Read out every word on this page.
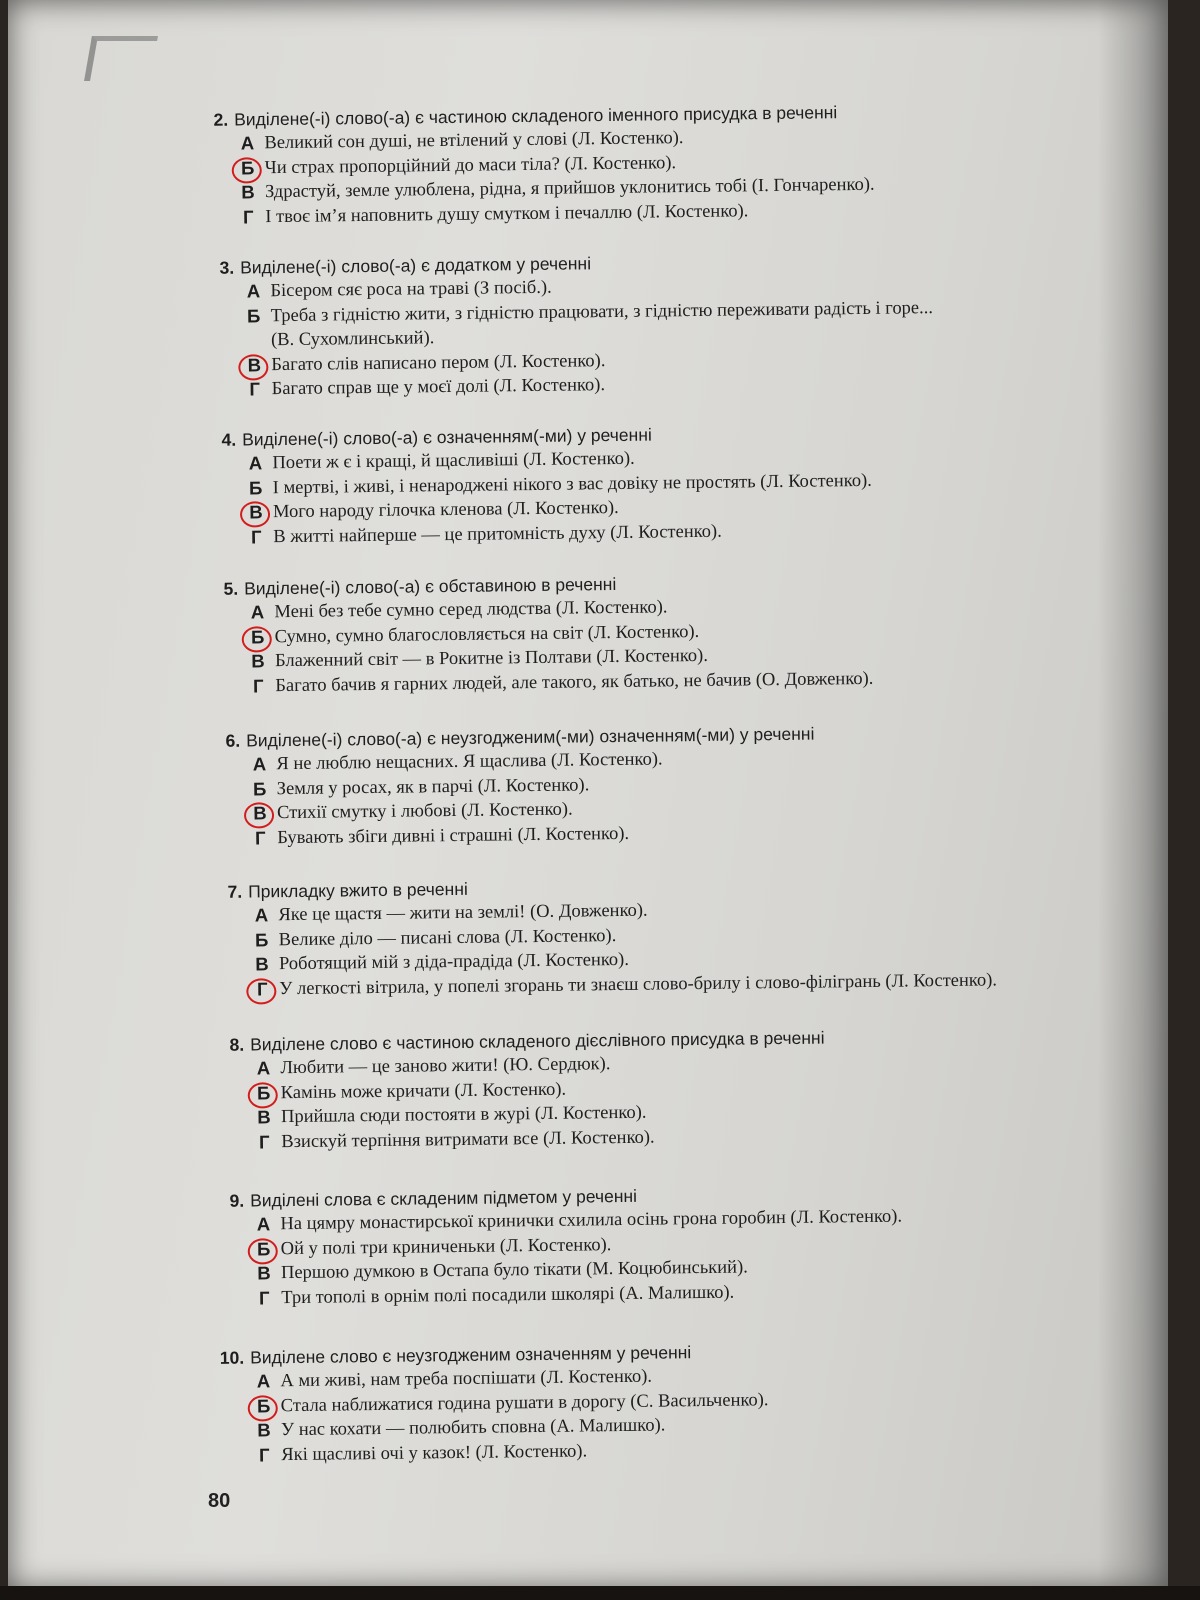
2. Виділене(-і) слово(-а) є частиною складеного іменного присудка в реченні
А Великий сон душі, не втілений у слові (Л. Костенко).
Б Чи страх пропорційний до маси тіла? (Л. Костенко).
В Здрастуй, земле улюблена, рідна, я прийшов уклонитись тобі (І. Гончаренко).
Г І твоє ім’я наповнить душу смутком і печаллю (Л. Костенко).
3. Виділене(-і) слово(-а) є додатком у реченні
А Бісером сяє роса на траві (З посіб.).
Б Треба з гідністю жити, з гідністю працювати, з гідністю переживати радість і горе...
(В. Сухомлинський).
В Багато слів написано пером (Л. Костенко).
Г Багато справ ще у моєї долі (Л. Костенко).
4. Виділене(-і) слово(-а) є означенням(-ми) у реченні
А Поети ж є і кращі, й щасливіші (Л. Костенко).
Б І мертві, і живі, і ненароджені нікого з вас довіку не простять (Л. Костенко).
В Мого народу гілочка кленова (Л. Костенко).
Г В житті найперше — це притомність духу (Л. Костенко).
5. Виділене(-і) слово(-а) є обставиною в реченні
А Мені без тебе сумно серед людства (Л. Костенко).
Б Сумно, сумно благословляється на світ (Л. Костенко).
В Блаженний світ — в Рокитне із Полтави (Л. Костенко).
Г Багато бачив я гарних людей, але такого, як батько, не бачив (О. Довженко).
6. Виділене(-і) слово(-а) є неузгодженим(-ми) означенням(-ми) у реченні
А Я не люблю нещасних. Я щаслива (Л. Костенко).
Б Земля у росах, як в парчі (Л. Костенко).
В Стихії смутку і любові (Л. Костенко).
Г Бувають збіги дивні і страшні (Л. Костенко).
7. Прикладку вжито в реченні
А Яке це щастя — жити на землі! (О. Довженко).
Б Велике діло — писані слова (Л. Костенко).
В Роботящий мій з діда-прадіда (Л. Костенко).
Г У легкості вітрила, у попелі згорань ти знаєш слово-брилу і слово-філігрань (Л. Костенко).
8. Виділене слово є частиною складеного дієслівного присудка в реченні
А Любити — це заново жити! (Ю. Сердюк).
Б Камінь може кричати (Л. Костенко).
В Прийшла сюди постояти в журі (Л. Костенко).
Г Взискуй терпіння витримати все (Л. Костенко).
9. Виділені слова є складеним підметом у реченні
А На цямру монастирської кринички схилила осінь грона горобин (Л. Костенко).
Б Ой у полі три криниченьки (Л. Костенко).
В Першою думкою в Остапа було тікати (М. Коцюбинський).
Г Три тополі в орнім полі посадили школярі (А. Малишко).
10. Виділене слово є неузгодженим означенням у реченні
А А ми живі, нам треба поспішати (Л. Костенко).
Б Стала наближатися година рушати в дорогу (С. Васильченко).
В У нас кохати — полюбить сповна (А. Малишко).
Г Які щасливі очі у казок! (Л. Костенко).
80
